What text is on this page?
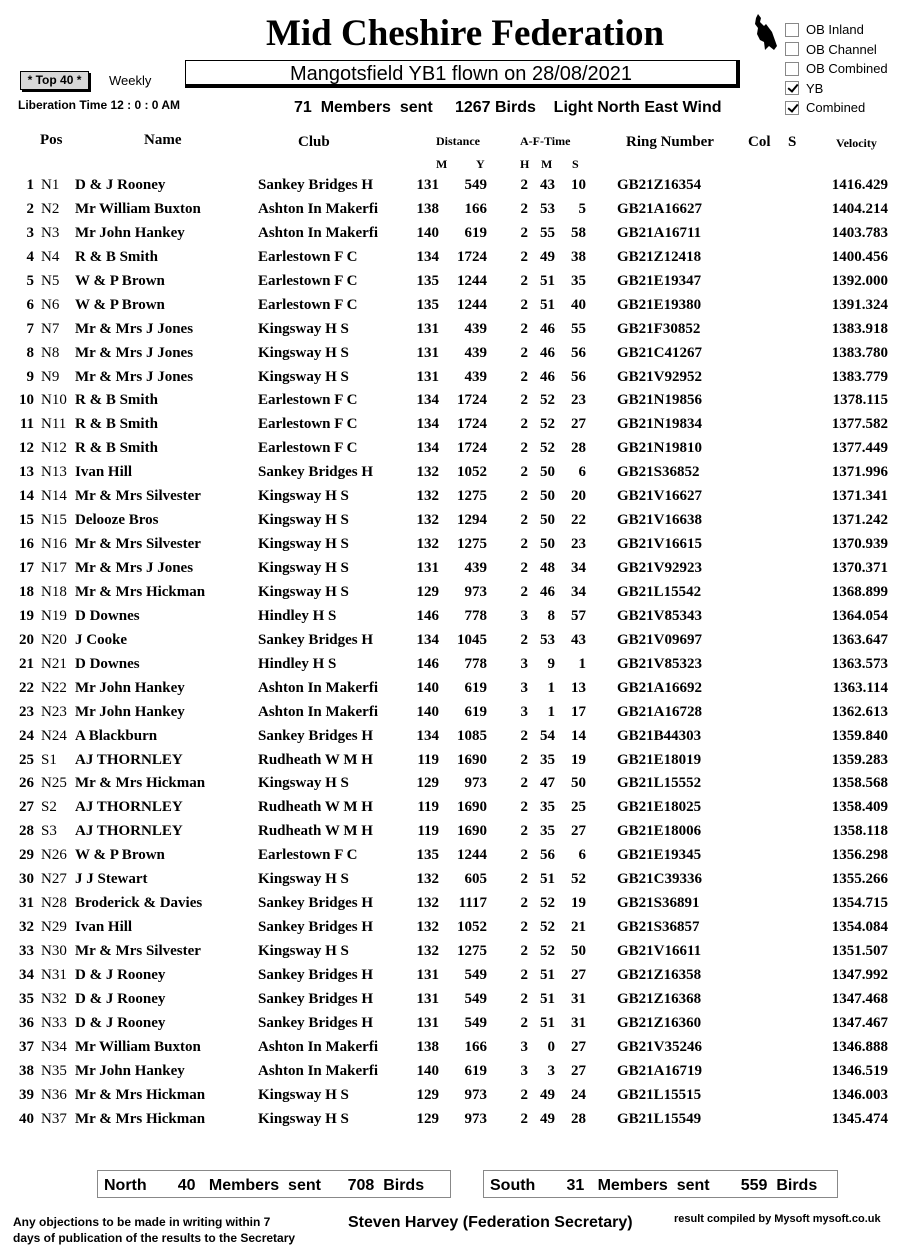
Mid Cheshire Federation	OB Inland
OB Channel
OB Combined
YB
Combined
* Top 40 *	Weekly	Mangotsfield YB1 flown on 28/08/2021
Liberation Time 12 : 0 : 0 AM	71  Members  sent     1267 Birds    Light North East Wind
Pos	Name	Club	Distance	A-F-Time	Ring Number Col S	Velocity
M Y	H M S
1 N1 D & J Rooney	Sankey Bridges H	131	549	2 43	10 GB21Z16354	1416.429
2 N2 Mr William Buxton	Ashton In Makerfi	138	166	2 53	5 GB21A16627	1404.214
3 N3 Mr John Hankey	Ashton In Makerfi	140	619	2 55	58 GB21A16711	1403.783
4 N4 R & B Smith	Earlestown F C	134	1724	2 49	38 GB21Z12418	1400.456
5 N5 W & P Brown	Earlestown F C	135	1244	2 51	35 GB21E19347	1392.000
6 N6 W & P Brown	Earlestown F C	135	1244	2 51	40 GB21E19380	1391.324
7 N7 Mr & Mrs J Jones	Kingsway H S	131	439	2 46	55 GB21F30852	1383.918
8 N8 Mr & Mrs J Jones	Kingsway H S	131	439	2 46	56 GB21C41267	1383.780
9 N9 Mr & Mrs J Jones	Kingsway H S	131	439	2 46	56 GB21V92952	1383.779
10 N10 R & B Smith	Earlestown F C	134	1724	2 52	23 GB21N19856	1378.115
11 N11 R & B Smith	Earlestown F C	134	1724	2 52	27 GB21N19834	1377.582
12 N12 R & B Smith	Earlestown F C	134	1724	2 52	28 GB21N19810	1377.449
13 N13 Ivan Hill	Sankey Bridges H	132	1052	2 50	6 GB21S36852	1371.996
14 N14 Mr & Mrs Silvester	Kingsway H S	132	1275	2 50	20 GB21V16627	1371.341
15 N15 Delooze Bros	Kingsway H S	132	1294	2 50	22 GB21V16638	1371.242
16 N16 Mr & Mrs Silvester	Kingsway H S	132	1275	2 50	23 GB21V16615	1370.939
17 N17 Mr & Mrs J Jones	Kingsway H S	131	439	2 48	34 GB21V92923	1370.371
18 N18 Mr & Mrs Hickman	Kingsway H S	129	973	2 46	34 GB21L15542	1368.899
19 N19 D Downes	Hindley H S	146	778	3	8	57 GB21V85343	1364.054
20 N20 J Cooke	Sankey Bridges H	134	1045	2 53	43 GB21V09697	1363.647
21 N21 D Downes	Hindley H S	146	778	3	9	1 GB21V85323	1363.573
22 N22 Mr John Hankey	Ashton In Makerfi	140	619	3	1	13 GB21A16692	1363.114
23 N23 Mr John Hankey	Ashton In Makerfi	140	619	3	1	17 GB21A16728	1362.613
24 N24 A Blackburn	Sankey Bridges H	134	1085	2 54	14 GB21B44303	1359.840
25 S1 AJ THORNLEY	Rudheath W M H	119	1690	2 35	19 GB21E18019	1359.283
26 N25 Mr & Mrs Hickman	Kingsway H S	129	973	2 47	50 GB21L15552	1358.568
27 S2 AJ THORNLEY	Rudheath W M H	119	1690	2 35	25 GB21E18025	1358.409
28 S3 AJ THORNLEY	Rudheath W M H	119	1690	2 35	27 GB21E18006	1358.118
29 N26 W & P Brown	Earlestown F C	135	1244	2 56	6 GB21E19345	1356.298
30 N27 J J Stewart	Kingsway H S	132	605	2 51	52 GB21C39336	1355.266
31 N28 Broderick & Davies	Sankey Bridges H	132	1117	2 52	19 GB21S36891	1354.715
32 N29 Ivan Hill	Sankey Bridges H	132	1052	2 52	21 GB21S36857	1354.084
33 N30 Mr & Mrs Silvester	Kingsway H S	132	1275	2 52	50 GB21V16611	1351.507
34 N31 D & J Rooney	Sankey Bridges H	131	549	2 51	27 GB21Z16358	1347.992
35 N32 D & J Rooney	Sankey Bridges H	131	549	2 51	31 GB21Z16368	1347.468
36 N33 D & J Rooney	Sankey Bridges H	131	549	2 51	31 GB21Z16360	1347.467
37 N34 Mr William Buxton	Ashton In Makerfi	138	166	3	0	27 GB21V35246	1346.888
38 N35 Mr John Hankey	Ashton In Makerfi	140	619	3	3	27 GB21A16719	1346.519
39 N36 Mr & Mrs Hickman	Kingsway H S	129	973	2 49	24 GB21L15515	1346.003
40 N37 Mr & Mrs Hickman	Kingsway H S	129	973	2 49	28 GB21L15549	1345.474
North       40   Members  sent      708  Birds	South       31   Members  sent       559  Birds
Any objections to be made in writing within 7
days of publication of the results to the Secretary
Steven Harvey (Federation Secretary)	result compiled by Mysoft mysoft.co.uk
